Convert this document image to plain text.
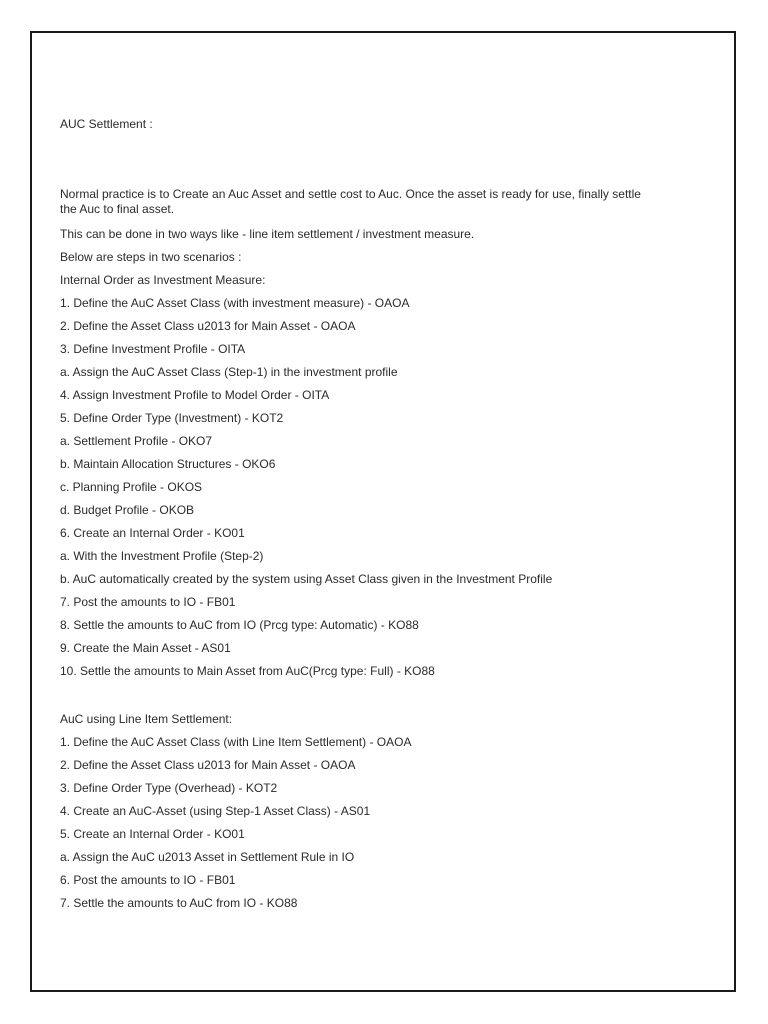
AUC Settlement :
Normal practice is to Create an Auc Asset and settle cost to Auc. Once the asset is ready for use, finally settle the Auc to final asset.
This can be done in two ways like - line item settlement / investment measure.
Below are steps in two scenarios :
Internal Order as Investment Measure:
1. Define the AuC Asset Class (with investment measure) - OAOA
2. Define the Asset Class u2013 for Main Asset - OAOA
3. Define Investment Profile - OITA
a. Assign the AuC Asset Class (Step-1) in the investment profile
4. Assign Investment Profile to Model Order - OITA
5. Define Order Type (Investment) - KOT2
a. Settlement Profile - OKO7
b. Maintain Allocation Structures - OKO6
c. Planning Profile - OKOS
d. Budget Profile - OKOB
6. Create an Internal Order - KO01
a. With the Investment Profile (Step-2)
b. AuC automatically created by the system using Asset Class given in the Investment Profile
7. Post the amounts to IO - FB01
8. Settle the amounts to AuC from IO (Prcg type: Automatic) - KO88
9. Create the Main Asset - AS01
10. Settle the amounts to Main Asset from AuC(Prcg type: Full) - KO88
AuC using Line Item Settlement:
1. Define the AuC Asset Class (with Line Item Settlement) - OAOA
2. Define the Asset Class u2013 for Main Asset - OAOA
3. Define Order Type (Overhead) - KOT2
4. Create an AuC-Asset (using Step-1 Asset Class) - AS01
5. Create an Internal Order - KO01
a. Assign the AuC u2013 Asset in Settlement Rule in IO
6. Post the amounts to IO - FB01
7. Settle the amounts to AuC from IO - KO88
